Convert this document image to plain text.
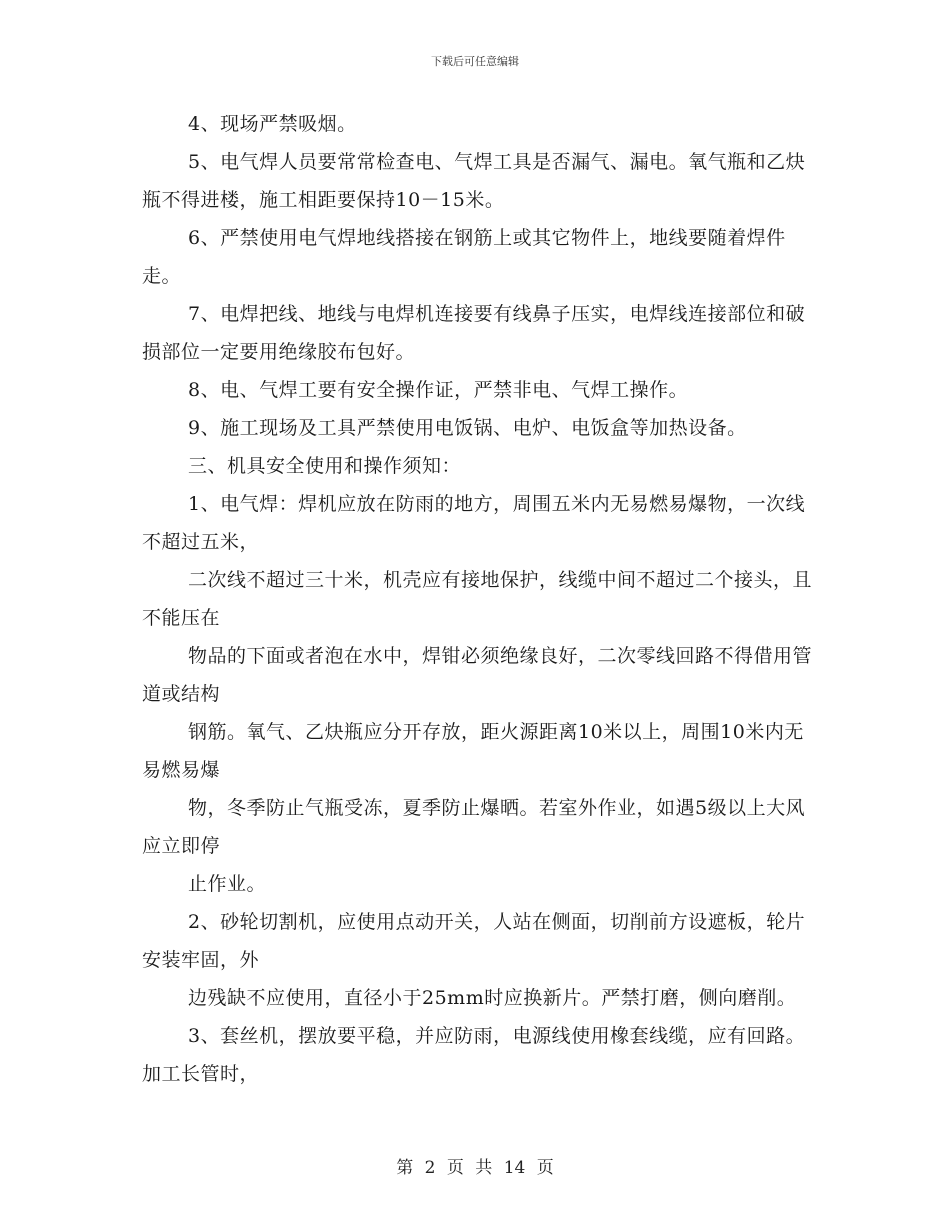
下载后可任意编辑

4、现场严禁吸烟。

5、电气焊人员要常常检查电、气焊工具是否漏气、漏电。氧气瓶和乙炔瓶不得进楼，施工相距要保持10－15米。

6、严禁使用电气焊地线搭接在钢筋上或其它物件上，地线要随着焊件走。

7、电焊把线、地线与电焊机连接要有线鼻子压实，电焊线连接部位和破损部位一定要用绝缘胶布包好。

8、电、气焊工要有安全操作证，严禁非电、气焊工操作。

9、施工现场及工具严禁使用电饭锅、电炉、电饭盒等加热设备。

三、机具安全使用和操作须知：

1、电气焊：焊机应放在防雨的地方，周围五米内无易燃易爆物，一次线不超过五米，

二次线不超过三十米，机壳应有接地保护，线缆中间不超过二个接头，且不能压在

物品的下面或者泡在水中，焊钳必须绝缘良好，二次零线回路不得借用管道或结构

钢筋。氧气、乙炔瓶应分开存放，距火源距离10米以上，周围10米内无易燃易爆

物，冬季防止气瓶受冻，夏季防止爆晒。若室外作业，如遇5级以上大风应立即停

止作业。

2、砂轮切割机，应使用点动开关，人站在侧面，切削前方设遮板，轮片安装牢固，外

边残缺不应使用，直径小于25mm时应换新片。严禁打磨，侧向磨削。

3、套丝机，摆放要平稳，并应防雨，电源线使用橡套线缆，应有回路。加工长管时，

第 2 页 共 14 页
